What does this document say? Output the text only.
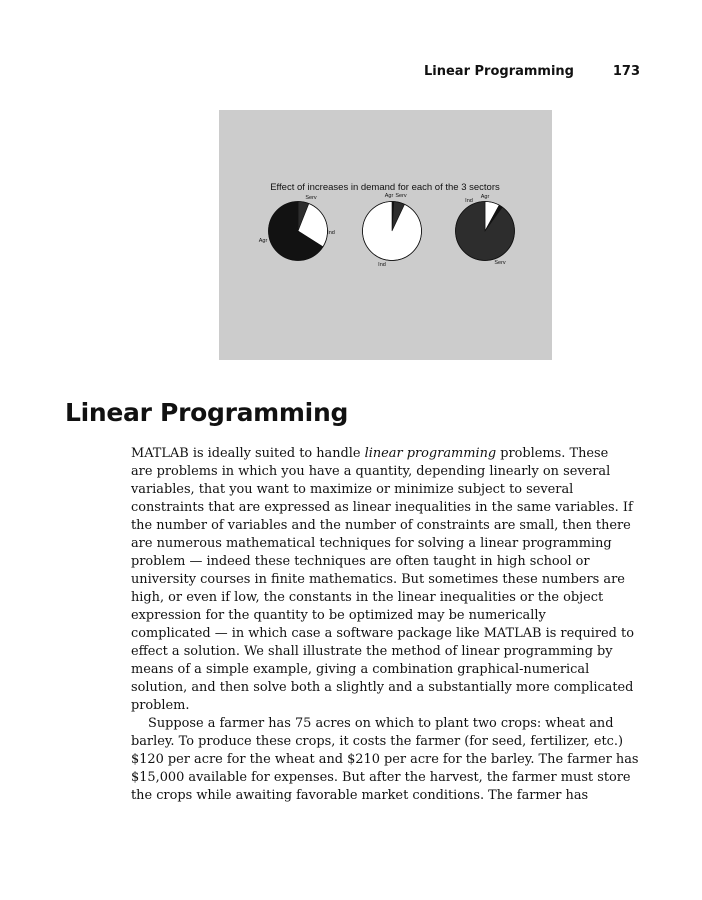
Linear Programming	173
Effect of increases in demand for each of the 3 sectors
Serv
Ind
Agr
Agr Serv
Ind
Ind
Agr
Serv
Linear Programming

MATLAB is ideally suited to handle linear programming problems. These
are problems in which you have a quantity, depending linearly on several
variables, that you want to maximize or minimize subject to several
constraints that are expressed as linear inequalities in the same variables. If
the number of variables and the number of constraints are small, then there
are numerous mathematical techniques for solving a linear programming
problem — indeed these techniques are often taught in high school or
university courses in finite mathematics. But sometimes these numbers are
high, or even if low, the constants in the linear inequalities or the object
expression for the quantity to be optimized may be numerically
complicated — in which case a software package like MATLAB is required to
effect a solution. We shall illustrate the method of linear programming by
means of a simple example, giving a combination graphical-numerical
solution, and then solve both a slightly and a substantially more complicated
problem.
Suppose a farmer has 75 acres on which to plant two crops: wheat and
barley. To produce these crops, it costs the farmer (for seed, fertilizer, etc.)
$120 per acre for the wheat and $210 per acre for the barley. The farmer has
$15,000 available for expenses. But after the harvest, the farmer must store
the crops while awaiting favorable market conditions. The farmer has
